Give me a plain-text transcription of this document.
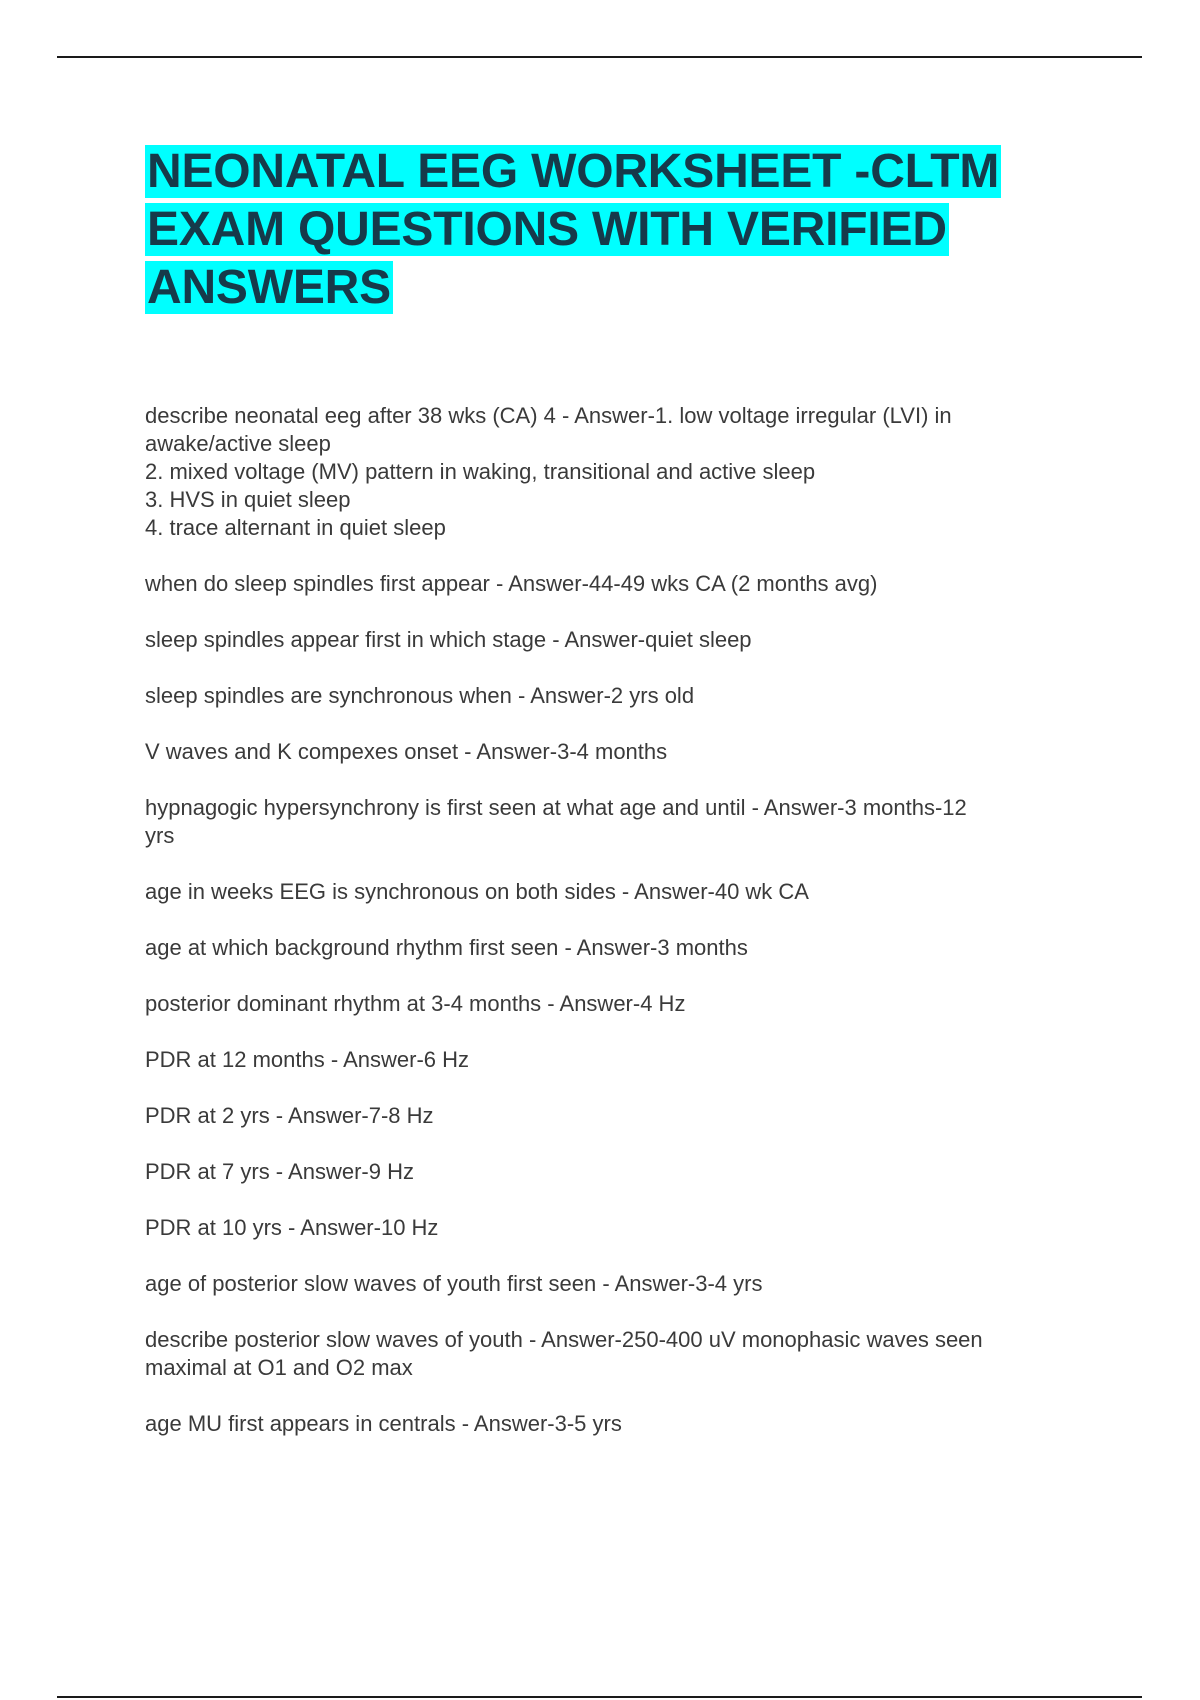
NEONATAL EEG WORKSHEET -CLTM
EXAM QUESTIONS WITH VERIFIED
ANSWERS

describe neonatal eeg after 38 wks (CA) 4 - Answer-1. low voltage irregular (LVI) in
awake/active sleep
2. mixed voltage (MV) pattern in waking, transitional and active sleep
3. HVS in quiet sleep
4. trace alternant in quiet sleep

when do sleep spindles first appear - Answer-44-49 wks CA (2 months avg)

sleep spindles appear first in which stage - Answer-quiet sleep

sleep spindles are synchronous when - Answer-2 yrs old

V waves and K compexes onset - Answer-3-4 months

hypnagogic hypersynchrony is first seen at what age and until - Answer-3 months-12
yrs

age in weeks EEG is synchronous on both sides - Answer-40 wk CA

age at which background rhythm first seen - Answer-3 months

posterior dominant rhythm at 3-4 months - Answer-4 Hz

PDR at 12 months - Answer-6 Hz

PDR at 2 yrs - Answer-7-8 Hz

PDR at 7 yrs - Answer-9 Hz

PDR at 10 yrs - Answer-10 Hz

age of posterior slow waves of youth first seen - Answer-3-4 yrs

describe posterior slow waves of youth - Answer-250-400 uV monophasic waves seen
maximal at O1 and O2 max

age MU first appears in centrals - Answer-3-5 yrs
